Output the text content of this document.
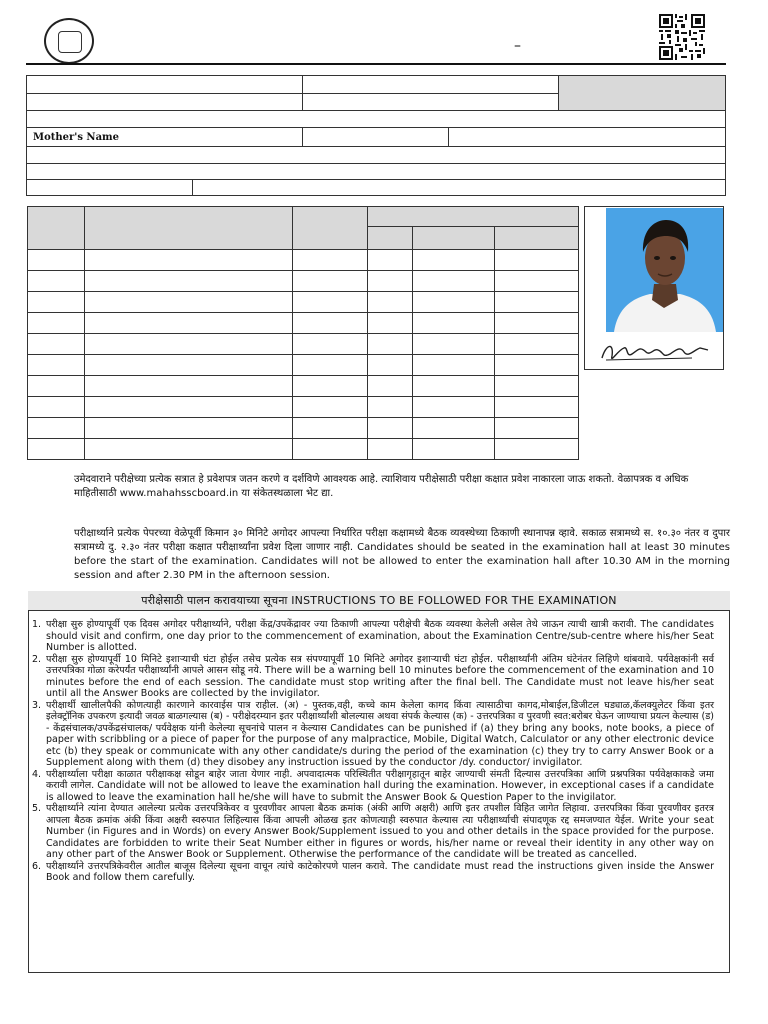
–

Mother's Name			

उमेदवाराने परीक्षेच्या प्रत्येक सत्रात हे प्रवेशपत्र जतन करणे व दर्शविणे आवश्यक आहे. त्याशिवाय परीक्षेसाठी परीक्षा कक्षात प्रवेश नाकारला जाऊ शकतो. वेळापत्रक व अधिक माहितीसाठी www.mahahsscboard.in या संकेतस्थळाला भेट द्या.
परीक्षार्थ्याने प्रत्येक पेपरच्या वेळेपूर्वी किमान ३० मिनिटे अगोदर आपल्या निर्धारित परीक्षा कक्षामध्ये बैठक व्यवस्थेच्या ठिकाणी स्थानापन्न व्हावे. सकाळ सत्रामध्ये स. १०.३० नंतर व दुपार सत्रामध्ये दु. २.३० नंतर परीक्षा कक्षात परीक्षार्थ्यांना प्रवेश दिला जाणार नाही. Candidates should be seated in the examination hall at least 30 minutes before the start of the examination. Candidates will not be allowed to enter the examination hall after 10.30 AM in the morning session and after 2.30 PM in the afternoon session.
परीक्षेसाठी पालन करावयाच्या सूचना INSTRUCTIONS TO BE FOLLOWED FOR THE EXAMINATION
1. परीक्षा सुरु होण्यापूर्वी एक दिवस अगोदर परीक्षार्थ्याने, परीक्षा केंद्र/उपकेंद्रावर ज्या ठिकाणी आपल्या परीक्षेची बैठक व्यवस्था केलेली असेल तेथे जाऊन त्याची खात्री करावी. The candidates should visit and confirm, one day prior to the commencement of examination, about the Examination Centre/sub-centre where his/her Seat Number is allotted.
2. परीक्षा सुरु होण्यापूर्वी 10 मिनिटे इशाऱ्याची घंटा होईल तसेच प्रत्येक सत्र संपण्यापूर्वी 10 मिनिटे अगोदर इशाऱ्याची घंटा होईल. परीक्षार्थ्यांनी अंतिम घंटेनंतर लिहिणे थांबवावे. पर्यवेक्षकांनी सर्व उत्तरपत्रिका गोळा करेपर्यंत परीक्षार्थ्यांनी आपले आसन सोडू नये. There will be a warning bell 10 minutes before the commencement of the examination and 10 minutes before the end of each session. The candidate must stop writing after the final bell. The Candidate must not leave his/her seat until all the Answer Books are collected by the invigilator.
3. परीक्षार्थी खालीलपैकी कोणत्याही कारणाने कारवाईस पात्र राहील. (अ) - पुस्तक,वही, कच्चे काम केलेला कागद किंवा त्यासाठीचा कागद,मोबाईल,डिजीटल घड्याळ,कॅलक्युलेटर किंवा इतर इलेक्ट्रॉनिक उपकरण इत्यादी जवळ बाळगल्यास (ब) - परीक्षेदरम्यान इतर परीक्षार्थ्यांशी बोलल्यास अथवा संपर्क केल्यास (क) - उत्तरपत्रिका व पुरवणी स्वत:बरोबर घेऊन जाण्याचा प्रयत्न केल्यास (ड) - केंद्रसंचालक/उपकेंद्रसंचालक/ पर्यवेक्षक यांनी केलेल्या सूचनांचे पालन न केल्यास Candidates can be punished if (a) they bring any books, note books, a piece of paper with scribbling or a piece of paper for the purpose of any malpractice, Mobile, Digital Watch, Calculator or any other electronic device etc (b) they speak or communicate with any other candidate/s during the period of the examination (c) they try to carry Answer Book or a Supplement along with them (d) they disobey any instruction issued by the conductor /dy. conductor/ invigilator.
4. परीक्षार्थ्याला परीक्षा काळात परीक्षाकक्ष सोडून बाहेर जाता येणार नाही. अपवादात्मक परिस्थितीत परीक्षागृहातून बाहेर जाण्याची संमती दिल्यास उत्तरपत्रिका आणि प्रश्नपत्रिका पर्यवेक्षकाकडे जमा करावी लागेल. Candidate will not be allowed to leave the examination hall during the examination. However, in exceptional cases if a candidate is allowed to leave the examination hall he/she will have to submit the Answer Book & Question Paper to the invigilator.
5. परीक्षार्थ्याने त्यांना देण्यात आलेल्या प्रत्येक उत्तरपत्रिकेवर व पुरवणीवर आपला बैठक क्रमांक (अंकी आणि अक्षरी) आणि इतर तपशील विहित जागेत लिहावा. उत्तरपत्रिका किंवा पुरवणीवर इतरत्र आपला बैठक क्रमांक अंकी किंवा अक्षरी स्वरुपात लिहिल्यास किंवा आपली ओळख इतर कोणत्याही स्वरुपात केल्यास त्या परीक्षार्थ्याची संपादणूक रद्द समजण्यात येईल. Write your seat Number (in Figures and in Words) on every Answer Book/Supplement issued to you and other details in the space provided for the purpose. Candidates are forbidden to write their Seat Number either in figures or words, his/her name or reveal their identity in any other way on any other part of the Answer Book or Supplement. Otherwise the performance of the candidate will be treated as cancelled.
6. परीक्षार्थ्याने उत्तरपत्रिकेवरील आतील बाजूस दिलेल्या सूचना वाचून त्यांचे काटेकोरपणे पालन करावे. The candidate must read the instructions given inside the Answer Book and follow them carefully.
